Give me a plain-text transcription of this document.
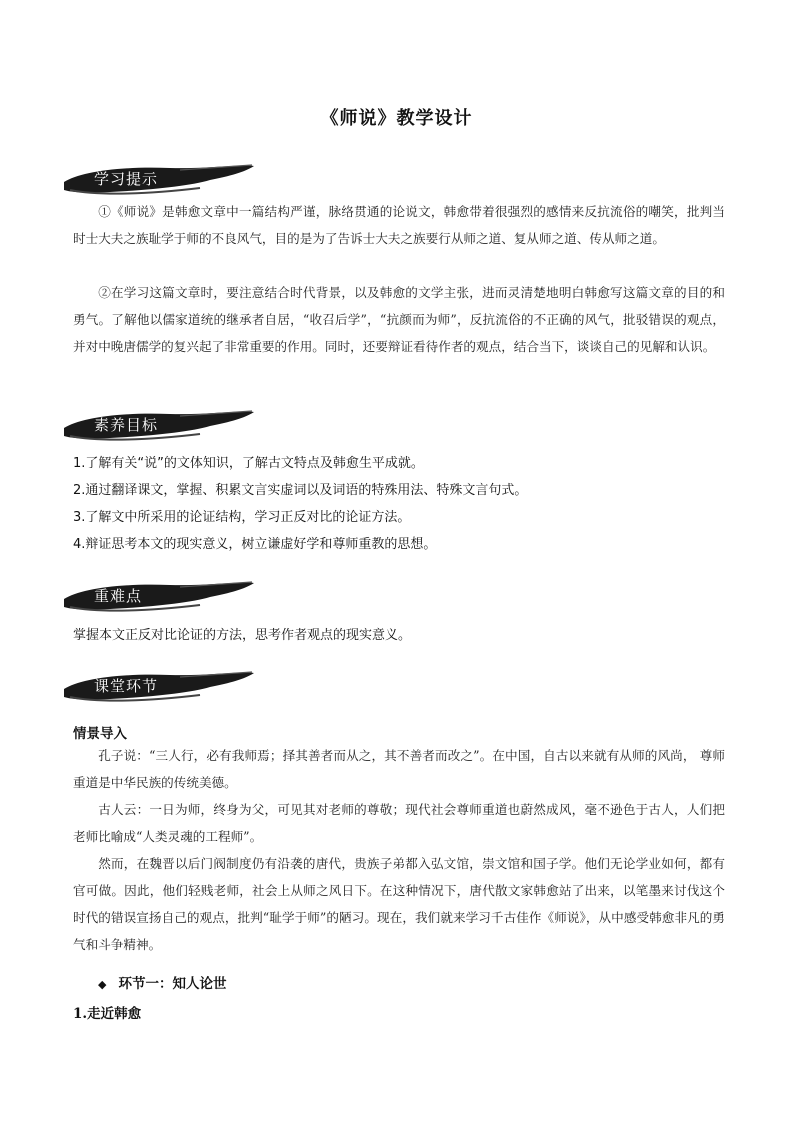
《师说》教学设计
学习提示

①《师说》是韩愈文章中一篇结构严谨，脉络贯通的论说文，韩愈带着很强烈的感情来反抗流俗的嘲笑，批判当时士大夫之族耻学于师的不良风气，目的是为了告诉士大夫之族要行从师之道、复从师之道、传从师之道。

②在学习这篇文章时，要注意结合时代背景，以及韩愈的文学主张，进而灵清楚地明白韩愈写这篇文章的目的和勇气。了解他以儒家道统的继承者自居，“收召后学”，“抗颜而为师”，反抗流俗的不正确的风气，批驳错误的观点，并对中晚唐儒学的复兴起了非常重要的作用。同时，还要辩证看待作者的观点，结合当下，谈谈自己的见解和认识。

素养目标
1.了解有关“说”的文体知识，了解古文特点及韩愈生平成就。
2.通过翻译课文，掌握、积累文言实虚词以及词语的特殊用法、特殊文言句式。
3.了解文中所采用的论证结构，学习正反对比的论证方法。
4.辩证思考本文的现实意义，树立谦虚好学和尊师重教的思想。
重难点
掌握本文正反对比论证的方法，思考作者观点的现实意义。
课堂环节
情景导入

孔子说：“三人行，必有我师焉；择其善者而从之，其不善者而改之”。在中国，自古以来就有从师的风尚， 尊师重道是中华民族的传统美德。

古人云：一日为师，终身为父，可见其对老师的尊敬；现代社会尊师重道也蔚然成风，毫不逊色于古人，人们把老师比喻成“人类灵魂的工程师”。

然而，在魏晋以后门阀制度仍有沿袭的唐代，贵族子弟都入弘文馆，崇文馆和国子学。他们无论学业如何，都有官可做。因此，他们轻贱老师，社会上从师之风日下。在这种情况下，唐代散文家韩愈站了出来，以笔墨来讨伐这个时代的错误宣扬自己的观点，批判“耻学于师”的陋习。现在，我们就来学习千古佳作《师说》，从中感受韩愈非凡的勇气和斗争精神。

◆ 环节一：知人论世
1.走近韩愈
